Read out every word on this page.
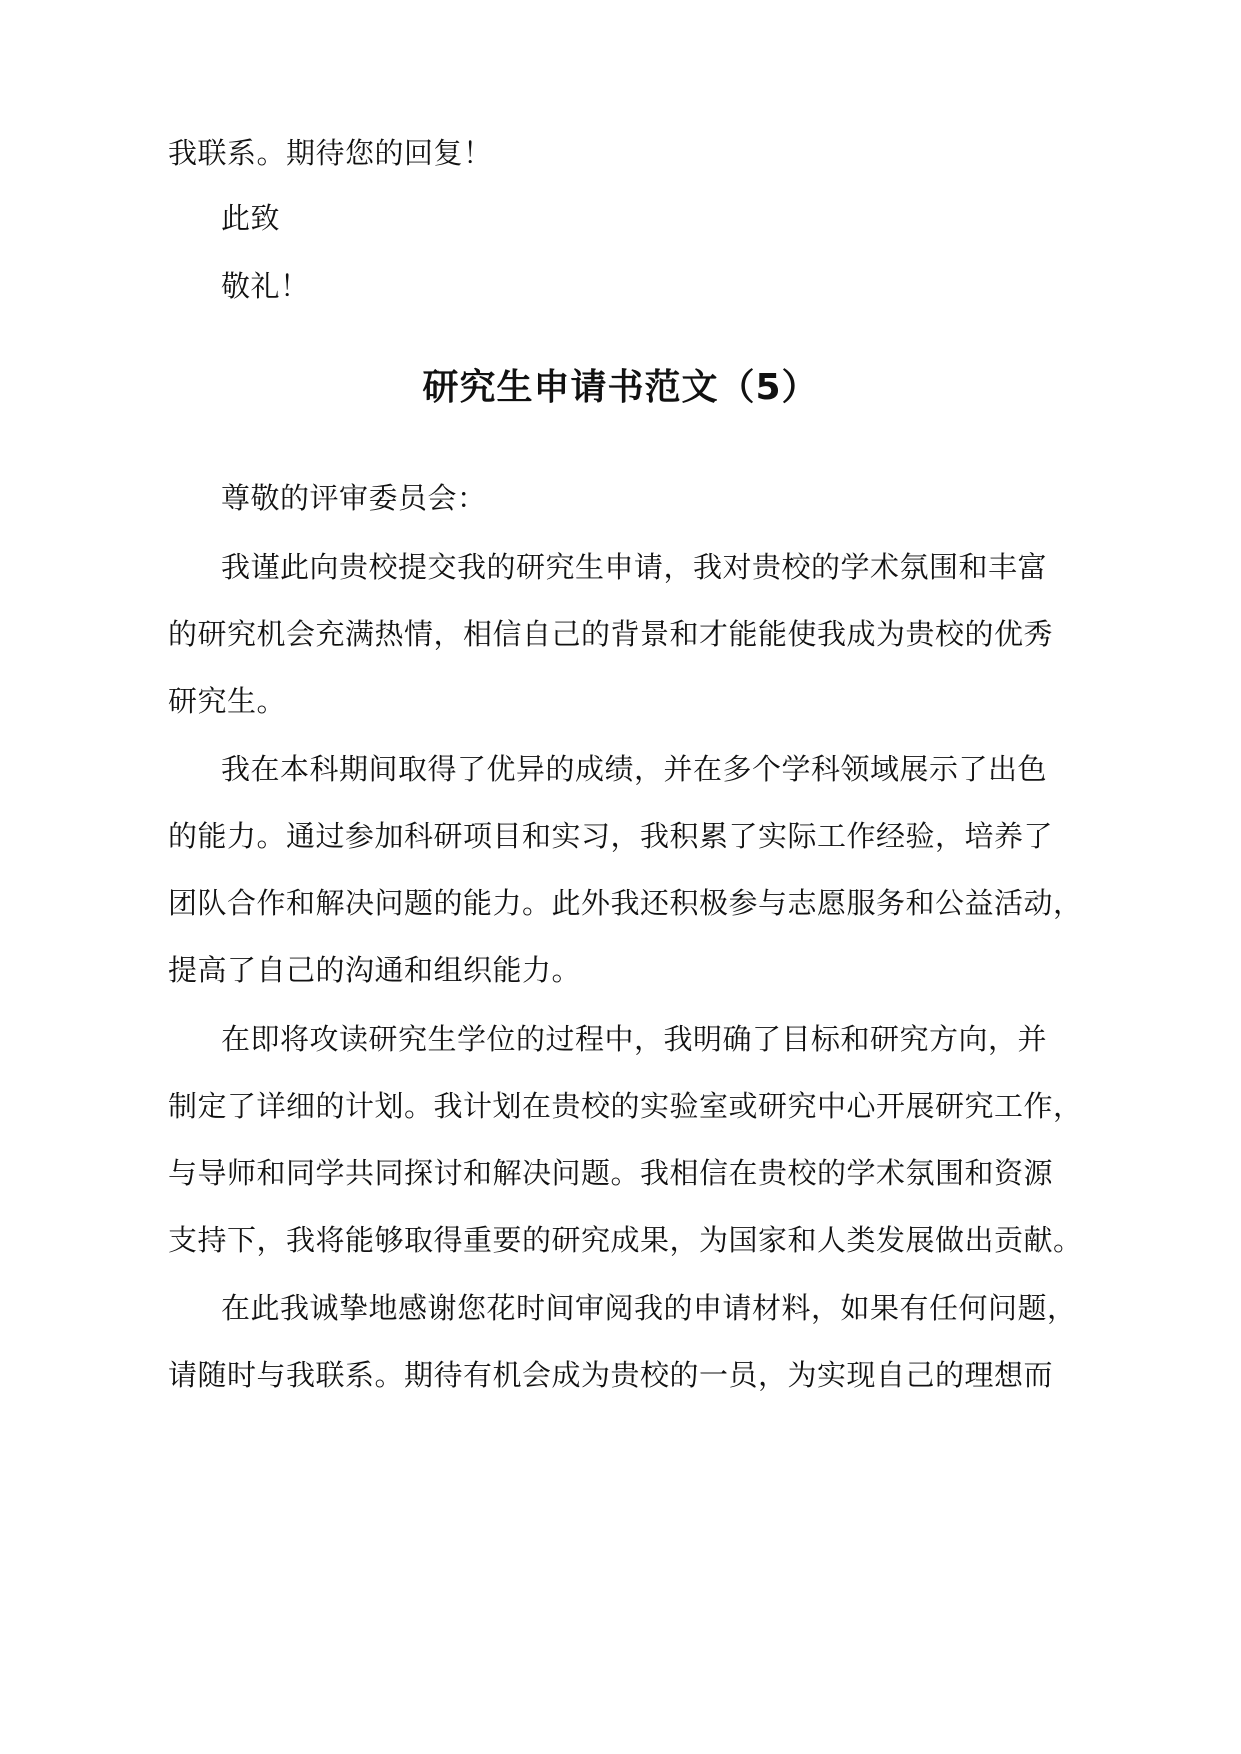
我联系。期待您的回复！
此致
敬礼！
研究生申请书范文（5）
尊敬的评审委员会：
我谨此向贵校提交我的研究生申请，我对贵校的学术氛围和丰富
的研究机会充满热情，相信自己的背景和才能能使我成为贵校的优秀
研究生。
我在本科期间取得了优异的成绩，并在多个学科领域展示了出色
的能力。通过参加科研项目和实习，我积累了实际工作经验，培养了
团队合作和解决问题的能力。此外我还积极参与志愿服务和公益活动，
提高了自己的沟通和组织能力。
在即将攻读研究生学位的过程中，我明确了目标和研究方向，并
制定了详细的计划。我计划在贵校的实验室或研究中心开展研究工作，
与导师和同学共同探讨和解决问题。我相信在贵校的学术氛围和资源
支持下，我将能够取得重要的研究成果，为国家和人类发展做出贡献。
在此我诚挚地感谢您花时间审阅我的申请材料，如果有任何问题，
请随时与我联系。期待有机会成为贵校的一员，为实现自己的理想而
